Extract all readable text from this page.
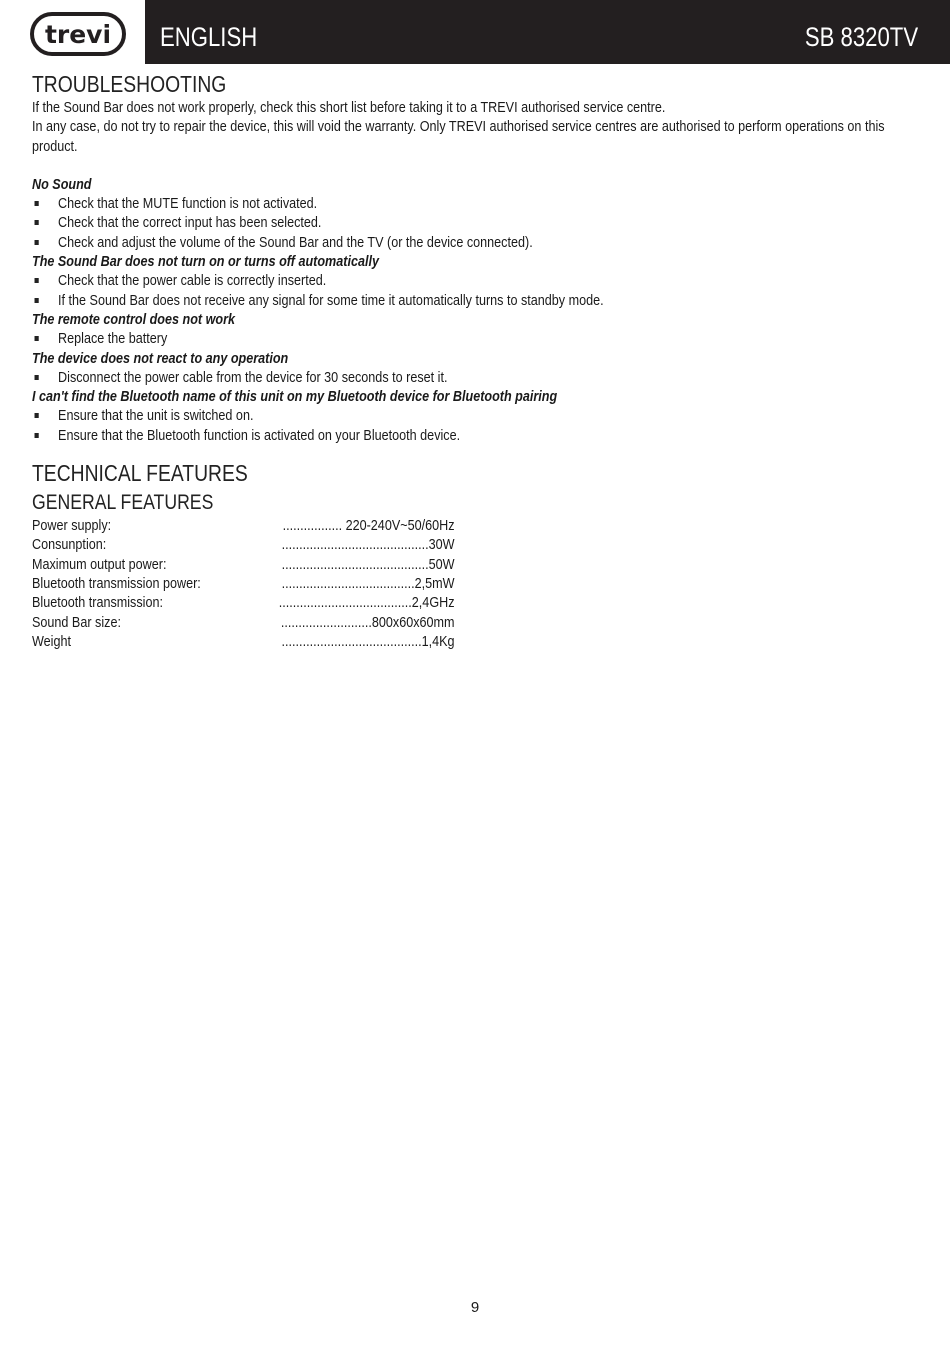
trevi ENGLISH	SB 8320TV
TROUBLESHOOTING

If the Sound Bar does not work properly, check this short list before taking it to a TREVI authorised service centre.

In any case, do not try to repair the device, this will void the warranty. Only TREVI authorised service centres are authorised to perform operations on this product.

No Sound

Check that the MUTE function is not activated.
Check that the correct input has been selected.
Check and adjust the volume of the Sound Bar and the TV (or the device connected).

The Sound Bar does not turn on or turns off automatically

Check that the power cable is correctly inserted.
If the Sound Bar does not receive any signal for some time it automatically turns to standby mode.

The remote control does not work

Replace the battery

The device does not react to any operation

Disconnect the power cable from the device for 30 seconds to reset it.

I can't find the Bluetooth name of this unit on my Bluetooth device for Bluetooth pairing

Ensure that the unit is switched on.
Ensure that the Bluetooth function is activated on your Bluetooth device.
TECHNICAL FEATURES
GENERAL FEATURES
Power supply:	................. 220-240V~50/60Hz
Consunption:	..........................................30W
Maximum output power:	..........................................50W
Bluetooth transmission power:	......................................2,5mW
Bluetooth transmission:	......................................2,4GHz
Sound Bar size:	..........................800x60x60mm
Weight	........................................1,4Kg
9
